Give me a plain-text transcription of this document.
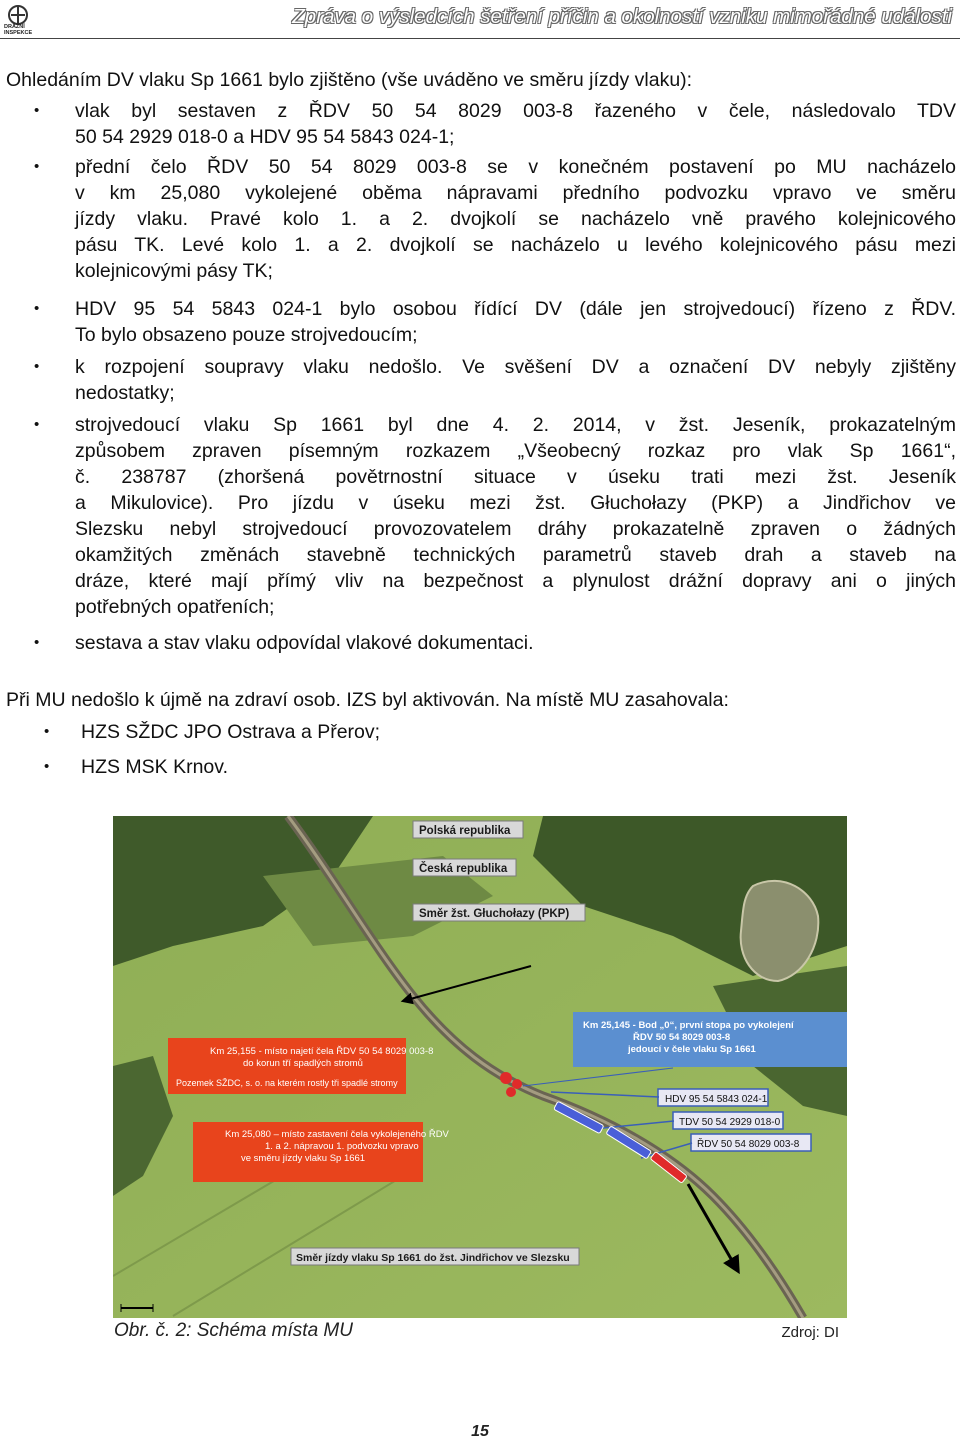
DRÁŽNÍ
INSPEKCE
Zpráva o výsledcích šetření příčin a okolností vzniku mimořádné události
Ohledáním DV vlaku Sp 1661 bylo zjištěno (vše uváděno ve směru jízdy vlaku):
• vlak byl sestaven z ŘDV 50 54 8029 003-8 řazeného v čele, následovalo TDV
50 54 2929 018-0 a HDV 95 54 5843 024-1;
• přední čelo ŘDV 50 54 8029 003-8 se v konečném postavení po MU nacházelo
v km 25,080 vykolejené oběma nápravami předního podvozku vpravo ve směru
jízdy vlaku. Pravé kolo 1. a 2. dvojkolí se nacházelo vně pravého kolejnicového
pásu TK. Levé kolo 1. a 2. dvojkolí se nacházelo u levého kolejnicového pásu mezi
kolejnicovými pásy TK;
• HDV 95 54 5843 024-1 bylo osobou řídící DV (dále jen strojvedoucí) řízeno z ŘDV.
To bylo obsazeno pouze strojvedoucím;
• k rozpojení soupravy vlaku nedošlo. Ve svěšení DV a označení DV nebyly zjištěny
nedostatky;
• strojvedoucí vlaku Sp 1661 byl dne 4. 2. 2014, v žst. Jeseník, prokazatelným
způsobem zpraven písemným rozkazem „Všeobecný rozkaz pro vlak Sp 1661“,
č. 238787 (zhoršená povětrnostní situace v úseku trati mezi žst. Jeseník
a Mikulovice). Pro jízdu v úseku mezi žst. Głuchołazy (PKP) a Jindřichov ve
Slezsku nebyl strojvedoucí provozovatelem dráhy prokazatelně zpraven o žádných
okamžitých změnách stavebně technických parametrů staveb drah a staveb na
dráze, které mají přímý vliv na bezpečnost a plynulost drážní dopravy ani o jiných
potřebných opatřeních;
• sestava a stav vlaku odpovídal vlakové dokumentaci.
Při MU nedošlo k újmě na zdraví osob. IZS byl aktivován. Na místě MU zasahovala:
• HZS SŽDC JPO Ostrava a Přerov;
• HZS MSK Krnov.
Polská republika
Česká republika
Směr žst. Głuchołazy (PKP)
Směr jízdy vlaku Sp 1661 do žst. Jindřichov ve Slezsku
Km 25,155 - místo najetí čela ŘDV 50 54 8029 003-8
do korun tří spadlých stromů
Pozemek SŽDC, s. o. na kterém rostly tři spadlé stromy
Km 25,080 – místo zastavení čela vykolejeného ŘDV
1. a 2. nápravou 1. podvozku vpravo
ve směru jízdy vlaku Sp 1661
Km 25,145 - Bod „0“, první stopa po vykolejení
ŘDV 50 54 8029 003-8
jedoucí v čele vlaku Sp 1661
HDV 95 54 5843 024-1
TDV 50 54 2929 018-0
ŘDV 50 54 8029 003-8
Obr. č. 2: Schéma místa MU	Zdroj: DI
15
